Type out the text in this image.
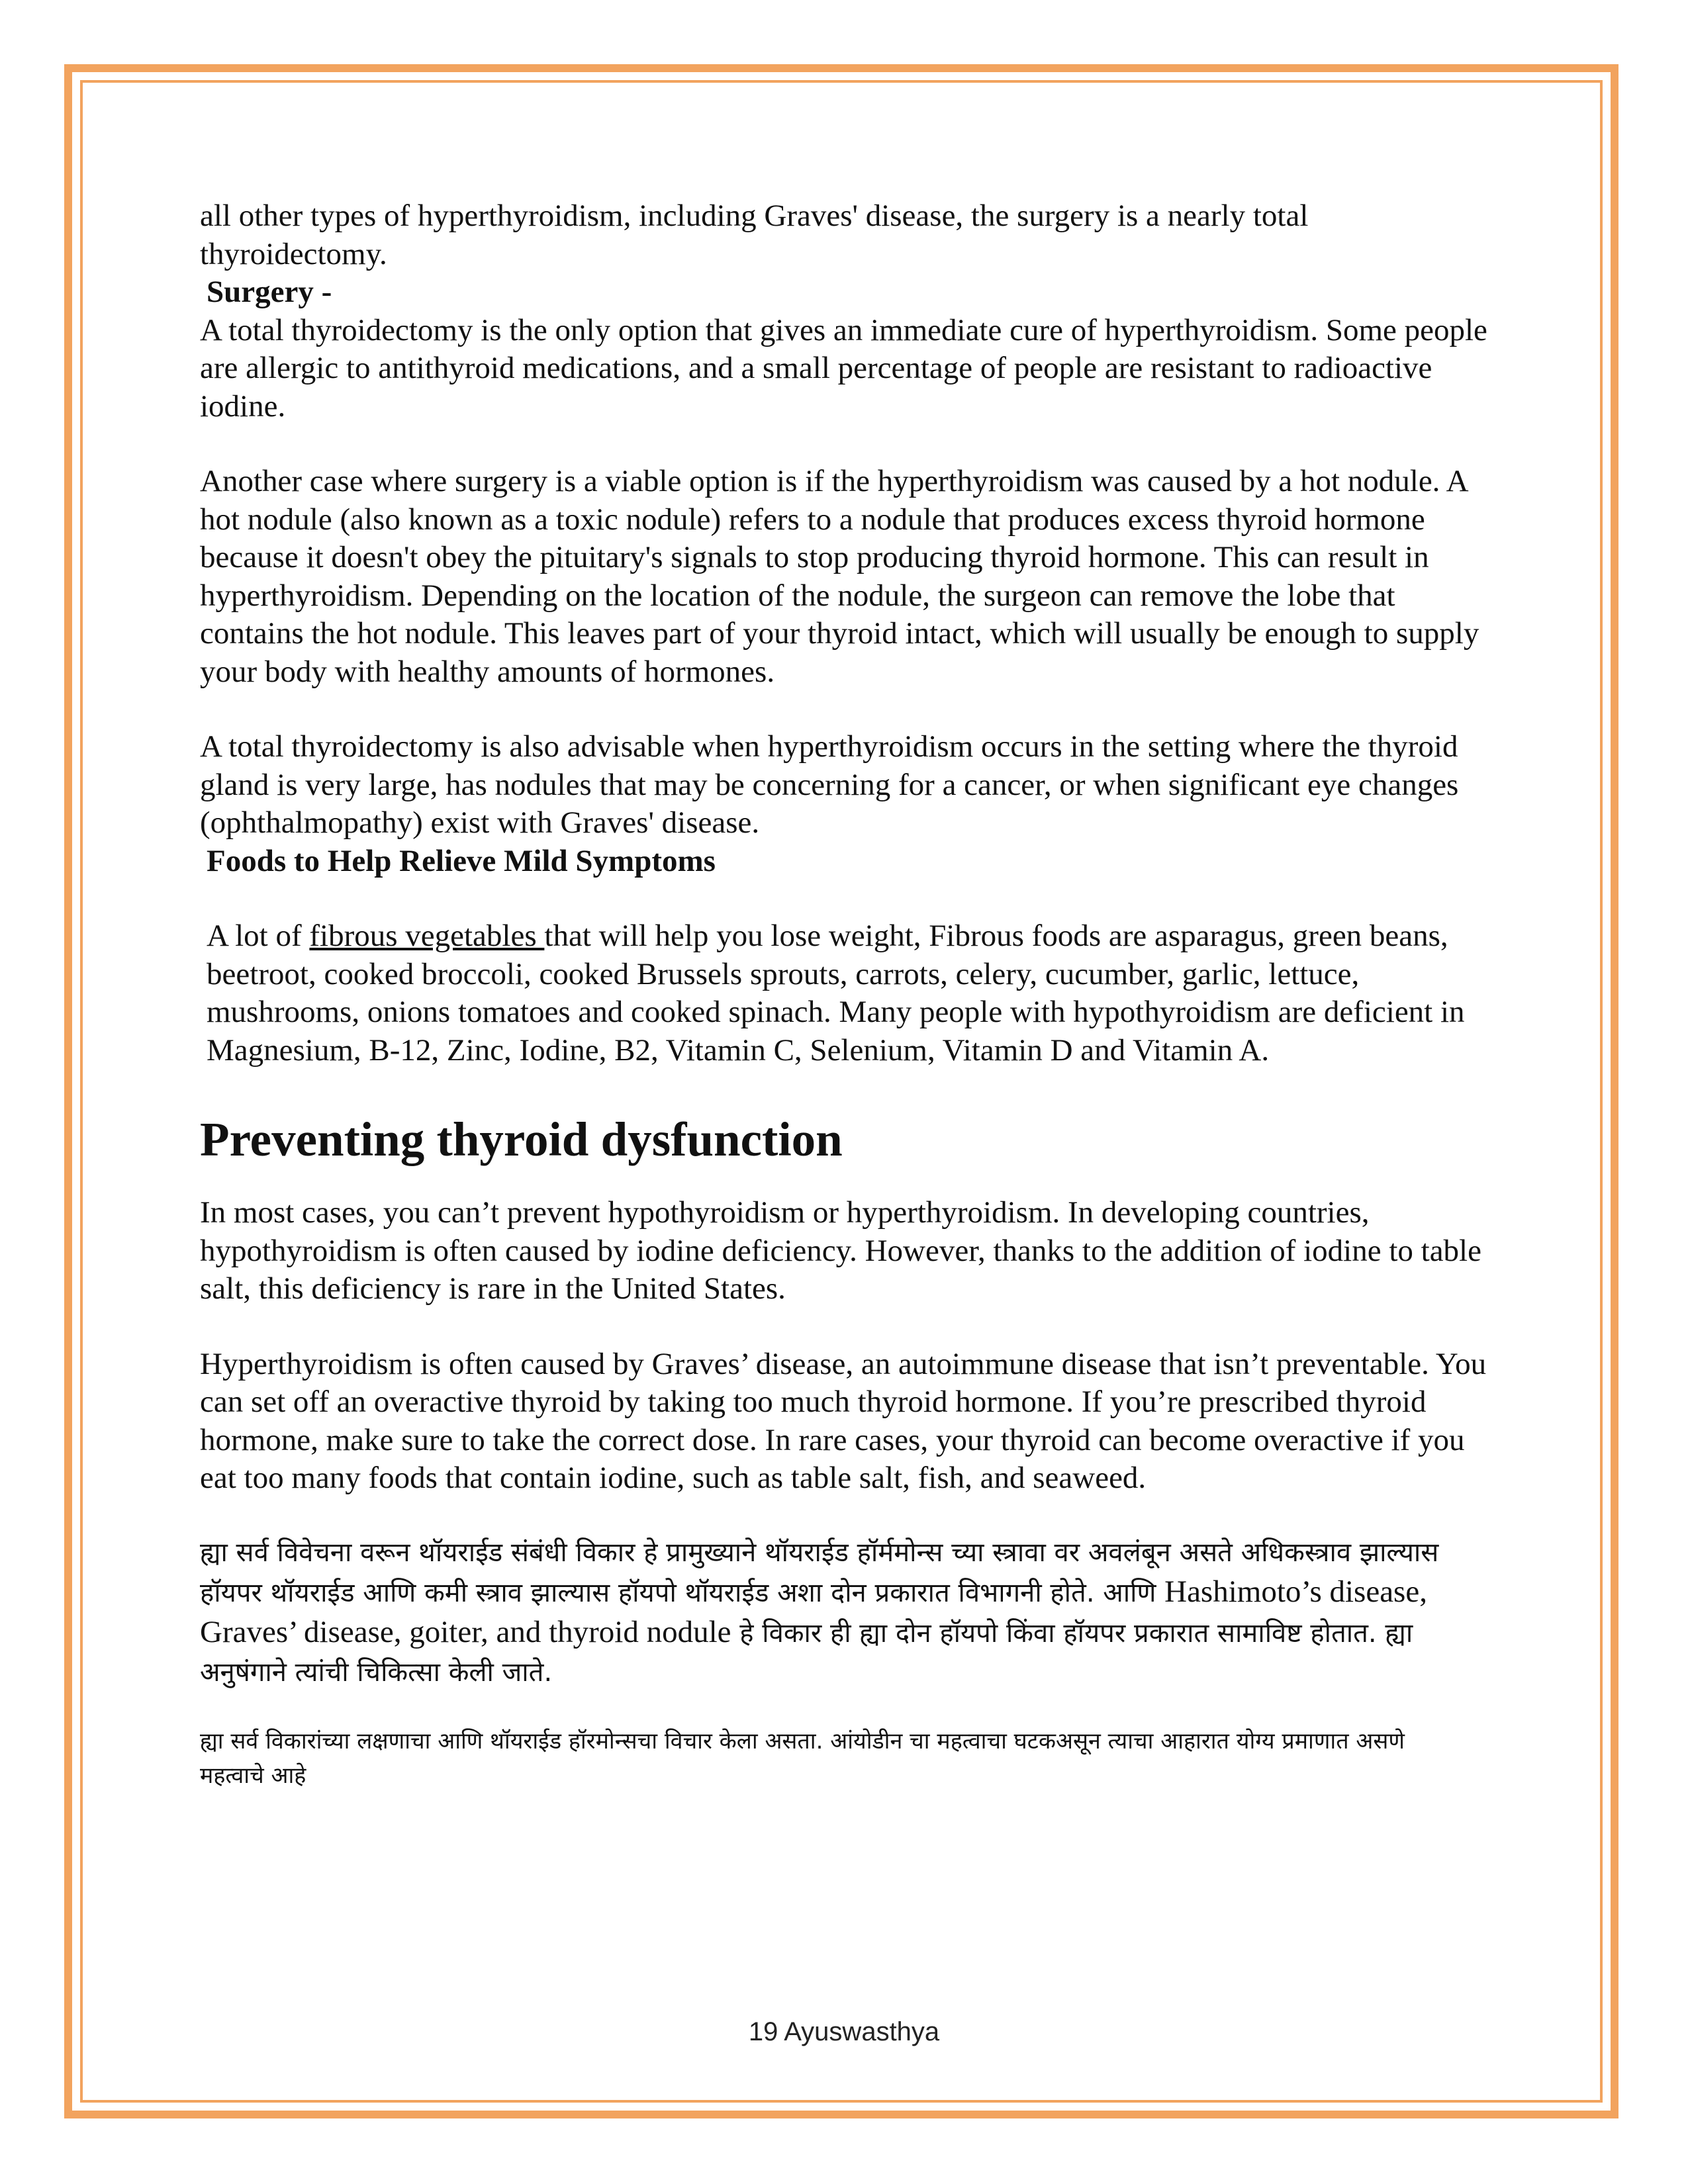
all other types of hyperthyroidism, including Graves' disease, the surgery is a nearly total thyroidectomy.

Surgery -

A total thyroidectomy is the only option that gives an immediate cure of hyperthyroidism. Some people are allergic to antithyroid medications, and a small percentage of people are resistant to radioactive iodine.

Another case where surgery is a viable option is if the hyperthyroidism was caused by a hot nodule. A hot nodule (also known as a toxic nodule) refers to a nodule that produces excess thyroid hormone because it doesn't obey the pituitary's signals to stop producing thyroid hormone. This can result in hyperthyroidism. Depending on the location of the nodule, the surgeon can remove the lobe that contains the hot nodule. This leaves part of your thyroid intact, which will usually be enough to supply your body with healthy amounts of hormones.

A total thyroidectomy is also advisable when hyperthyroidism occurs in the setting where the thyroid gland is very large, has nodules that may be concerning for a cancer, or when significant eye changes (ophthalmopathy) exist with Graves' disease.

Foods to Help Relieve Mild Symptoms

A lot of fibrous vegetables that will help you lose weight, Fibrous foods are asparagus, green beans, beetroot, cooked broccoli, cooked Brussels sprouts, carrots, celery, cucumber, garlic, lettuce, mushrooms, onions tomatoes and cooked spinach. Many people with hypothyroidism are deficient in Magnesium, B-12, Zinc, Iodine, B2, Vitamin C, Selenium, Vitamin D and Vitamin A.

Preventing thyroid dysfunction

In most cases, you can’t prevent hypothyroidism or hyperthyroidism. In developing countries, hypothyroidism is often caused by iodine deficiency. However, thanks to the addition of iodine to table salt, this deficiency is rare in the United States.

Hyperthyroidism is often caused by Graves’ disease, an autoimmune disease that isn’t preventable. You can set off an overactive thyroid by taking too much thyroid hormone. If you’re prescribed thyroid hormone, make sure to take the correct dose. In rare cases, your thyroid can become overactive if you eat too many foods that contain iodine, such as table salt, fish, and seaweed.

ह्या सर्व विवेचना वरून थॉयराईड संबंधी विकार हे प्रामुख्याने थॉयराईड हॉर्ममोन्स च्या स्त्रावा वर अवलंबून असते अधिकस्त्राव झाल्यास हॉयपर थॉयराईड आणि कमी स्त्राव झाल्यास हॉयपो थॉयराईड अशा दोन प्रकारात विभागनी होते. आणि Hashimoto’s disease, Graves’ disease, goiter, and thyroid nodule हे विकार ही ह्या दोन हॉयपो किंवा हॉयपर प्रकारात सामाविष्ट होतात. ह्या अनुषंगाने त्यांची चिकित्सा केली जाते.

ह्या सर्व विकारांच्या लक्षणाचा आणि थॉयराईड हॉरमोन्सचा विचार केला असता. आंयोडीन चा महत्वाचा घटकअसून त्याचा आहारात योग्य प्रमाणात असणे महत्वाचे आहे

19 Ayuswasthya
